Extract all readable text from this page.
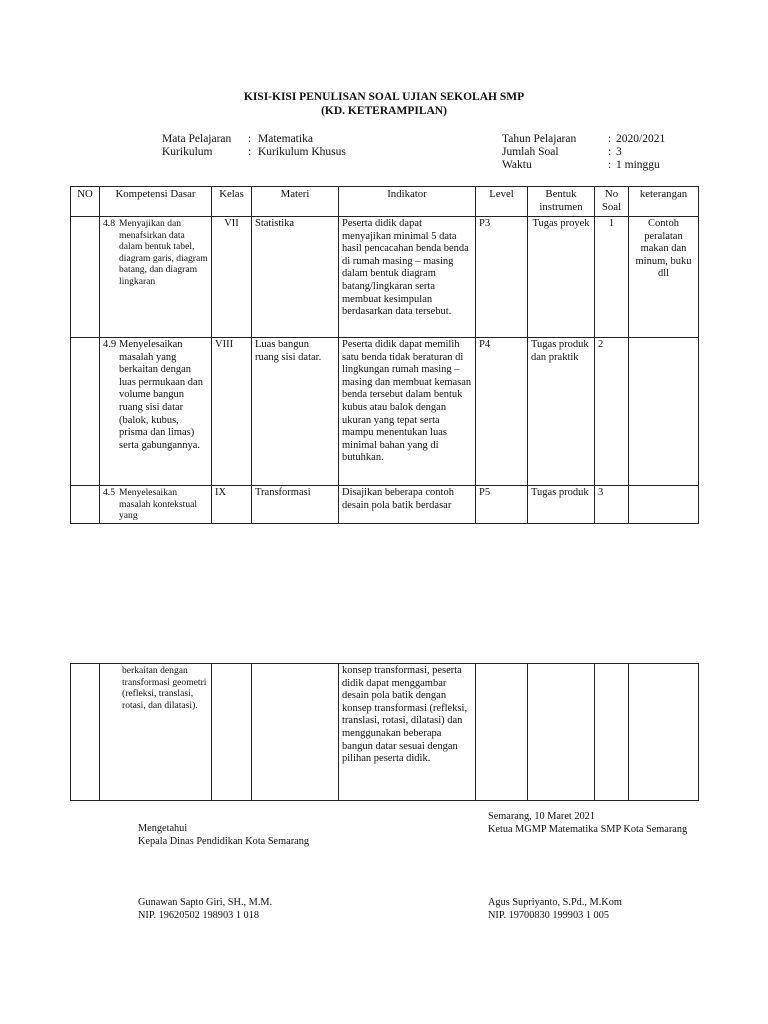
KISI-KISI PENULISAN SOAL UJIAN SEKOLAH SMP
(KD. KETERAMPILAN)
Mata Pelajaran	: Matematika
Kurikulum	: Kurikulum Khusus
Tahun Pelajaran	: 2020/2021
Jumlah Soal	: 3
Waktu	: 1 minggu
NO	Kompetensi Dasar	Kelas	Materi	Indikator	Level	Bentuk instrumen	No Soal	keterangan

	4.8 Menyajikan dan menafsirkan data dalam bentuk tabel, diagram garis, diagram batang, dan diagram lingkaran	VII	Statistika	Peserta didik dapat menyajikan minimal 5 data hasil pencacahan benda benda di rumah masing – masing dalam bentuk diagram batang/lingkaran serta membuat kesimpulan berdasarkan data tersebut.	P3	Tugas proyek	1	Contoh peralatan makan dan minum, buku dll

	4.9 Menyelesaikan masalah yang berkaitan dengan luas permukaan dan volume bangun ruang sisi datar (balok, kubus, prisma dan limas) serta gabungannya.	VIII	Luas bangun ruang sisi datar.	Peserta didik dapat memilih satu benda tidak beraturan di lingkungan rumah masing – masing dan membuat kemasan benda tersebut dalam bentuk kubus atau balok dengan ukuran yang tepat serta mampu menentukan luas minimal bahan yang di butuhkan.	P4	Tugas produk dan praktik	2	

	4.5 Menyelesaikan masalah kontekstual yang	IX	Transformasi	Disajikan beberapa contoh desain pola batik berdasar	P5	Tugas produk	3	
	berkaitan dengan transformasi geometri (refleksi, translasi, rotasi, dan dilatasi).			konsep transformasi, peserta didik dapat menggambar desain pola batik dengan konsep transformasi (refleksi, translasi, rotasi, dilatasi) dan menggunakan beberapa bangun datar sesuai dengan pilihan peserta didik.				
Semarang, 10 Maret 2021
Ketua MGMP Matematika SMP Kota Semarang
Mengetahui
Kepala Dinas Pendidikan Kota Semarang
Gunawan Sapto Giri, SH., M.M.
NIP. 19620502 198903 1 018
Agus Supriyanto, S.Pd., M.Kom
NIP. 19700830 199903 1 005
